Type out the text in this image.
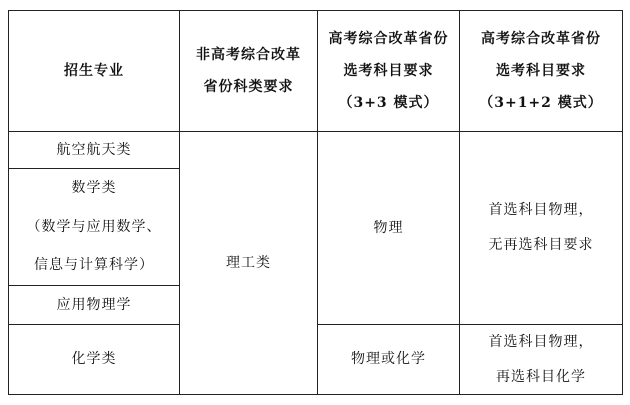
招生专业	非高考综合改革
省份科类要求	高考综合改革省份
选考科目要求
（3+3 模式）	高考综合改革省份
选考科目要求
（3+1+2 模式）

航空航天类	理工类	物理	首选科目物理，
无再选科目要求

数学类
（数学与应用数学、
信息与计算科学）			

应用物理学			

化学类		物理或化学	首选科目物理，
再选科目化学
